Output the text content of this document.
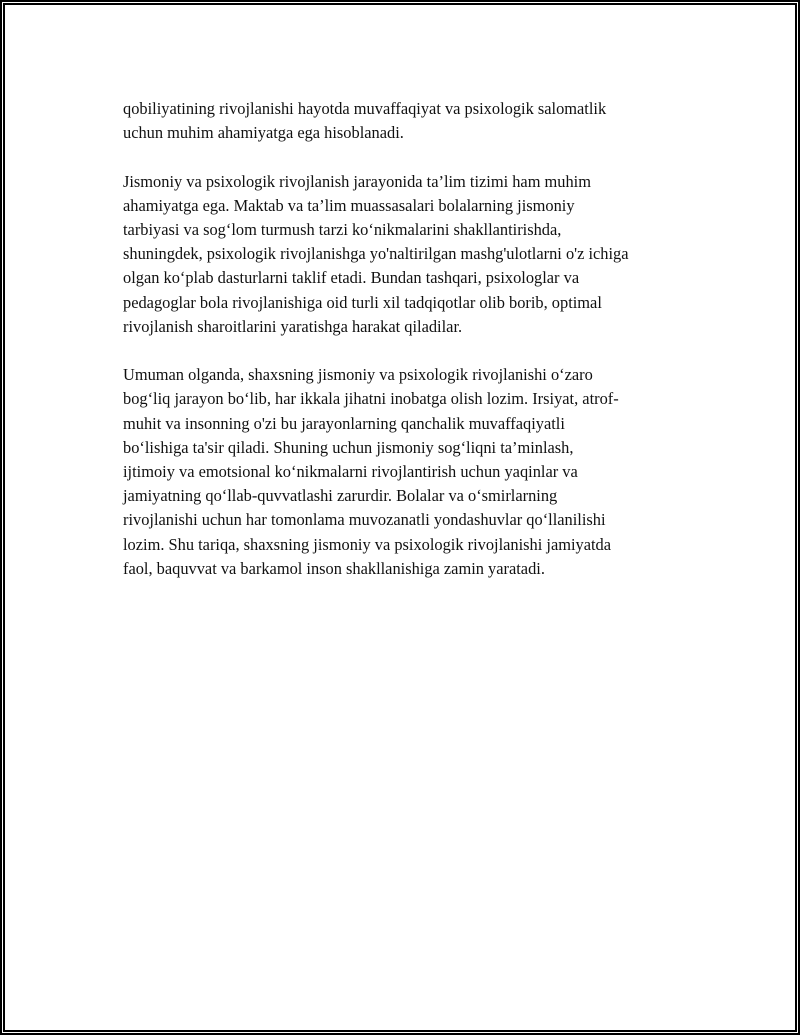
qobiliyatining rivojlanishi hayotda muvaffaqiyat va psixologik salomatlik
uchun muhim ahamiyatga ega hisoblanadi.

Jismoniy va psixologik rivojlanish jarayonida ta’lim tizimi ham muhim
ahamiyatga ega. Maktab va ta’lim muassasalari bolalarning jismoniy
tarbiyasi va sog‘lom turmush tarzi ko‘nikmalarini shakllantirishda,
shuningdek, psixologik rivojlanishga yo'naltirilgan mashg'ulotlarni o'z ichiga
olgan ko‘plab dasturlarni taklif etadi. Bundan tashqari, psixologlar va
pedagoglar bola rivojlanishiga oid turli xil tadqiqotlar olib borib, optimal
rivojlanish sharoitlarini yaratishga harakat qiladilar.

Umuman olganda, shaxsning jismoniy va psixologik rivojlanishi o‘zaro
bog‘liq jarayon bo‘lib, har ikkala jihatni inobatga olish lozim. Irsiyat, atrof-
muhit va insonning o'zi bu jarayonlarning qanchalik muvaffaqiyatli
bo‘lishiga ta'sir qiladi. Shuning uchun jismoniy sog‘liqni ta’minlash,
ijtimoiy va emotsional ko‘nikmalarni rivojlantirish uchun yaqinlar va
jamiyatning qo‘llab-quvvatlashi zarurdir. Bolalar va o‘smirlarning
rivojlanishi uchun har tomonlama muvozanatli yondashuvlar qo‘llanilishi
lozim. Shu tariqa, shaxsning jismoniy va psixologik rivojlanishi jamiyatda
faol, baquvvat va barkamol inson shakllanishiga zamin yaratadi.
